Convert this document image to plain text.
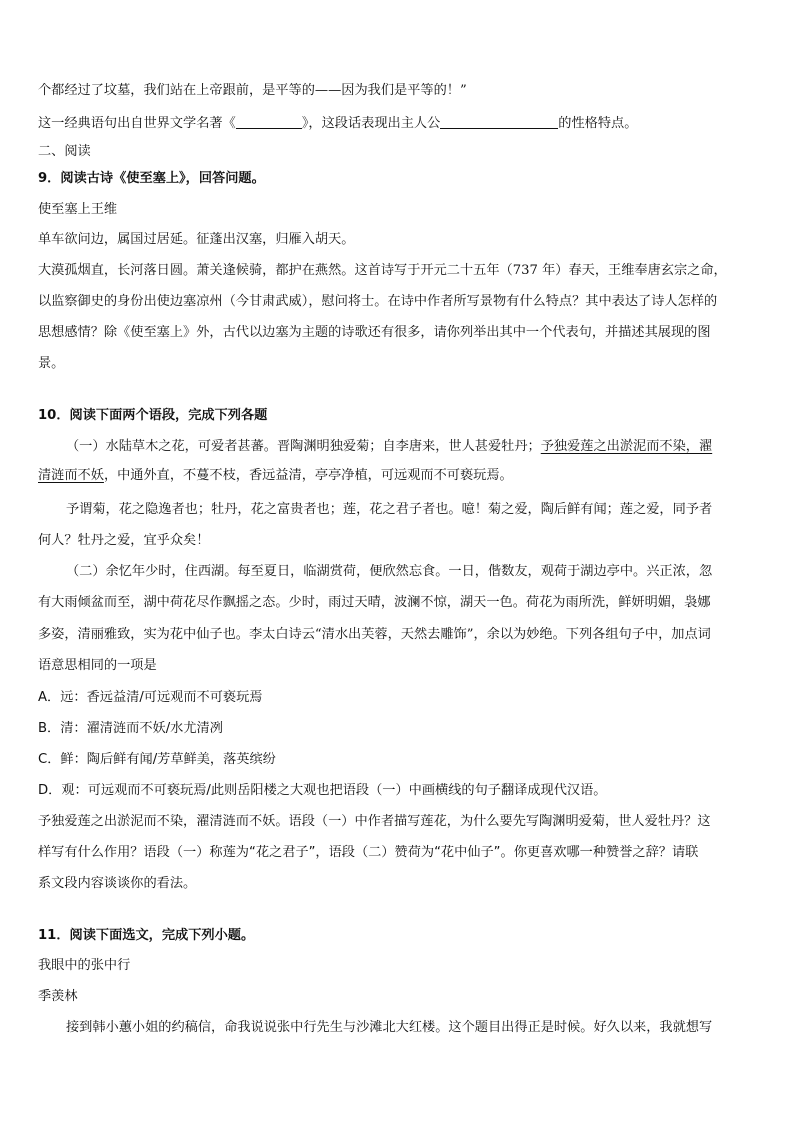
个都经过了坟墓，我们站在上帝跟前，是平等的——因为我们是平等的！”
这一经典语句出自世界文学名著《	》，这段话表现出主人公	的性格特点。
二、阅读
9．阅读古诗《使至塞上》，回答问题。
使至塞上王维
单车欲问边，属国过居延。征蓬出汉塞，归雁入胡天。
大漠孤烟直，长河落日圆。萧关逢候骑，都护在燕然。这首诗写于开元二十五年（737 年）春天，王维奉唐玄宗之命，
以监察御史的身份出使边塞凉州（今甘肃武威），慰问将士。在诗中作者所写景物有什么特点？其中表达了诗人怎样的
思想感情？除《使至塞上》外，古代以边塞为主题的诗歌还有很多，请你列举出其中一个代表句，并描述其展现的图
景。
10．阅读下面两个语段，完成下列各题
（一）水陆草木之花，可爱者甚蕃。晋陶渊明独爱菊；自李唐来，世人甚爱牡丹；予独爱莲之出淤泥而不染，濯
清涟而不妖，中通外直，不蔓不枝，香远益清，亭亭净植，可远观而不可亵玩焉。
予谓菊，花之隐逸者也；牡丹，花之富贵者也；莲，花之君子者也。噫！菊之爱，陶后鲜有闻；莲之爱，同予者
何人？牡丹之爱，宜乎众矣！
（二）余忆年少时，住西湖。每至夏日，临湖赏荷，便欣然忘食。一日，偕数友，观荷于湖边亭中。兴正浓，忽
有大雨倾盆而至，湖中荷花尽作飘摇之态。少时，雨过天晴，波澜不惊，湖天一色。荷花为雨所洗，鲜妍明媚，袅娜
多姿，清丽雅致，实为花中仙子也。李太白诗云“清水出芙蓉，天然去雕饰”，余以为妙绝。下列各组句子中，加点词
语意思相同的一项是
A．远：香远益清/可远观而不可亵玩焉
B．清：濯清涟而不妖/水尤清冽
C．鲜：陶后鲜有闻/芳草鲜美，落英缤纷
D．观：可远观而不可亵玩焉/此则岳阳楼之大观也把语段（一）中画横线的句子翻译成现代汉语。
予独爱莲之出淤泥而不染，濯清涟而不妖。语段（一）中作者描写莲花，为什么要先写陶渊明爱菊，世人爱牡丹？这
样写有什么作用？语段（一）称莲为“花之君子”，语段（二）赞荷为“花中仙子”。你更喜欢哪一种赞誉之辞？请联
系文段内容谈谈你的看法。
11．阅读下面选文，完成下列小题。
我眼中的张中行
季羡林
接到韩小蕙小姐的约稿信，命我说说张中行先生与沙滩北大红楼。这个题目出得正是时候。好久以来，我就想写
